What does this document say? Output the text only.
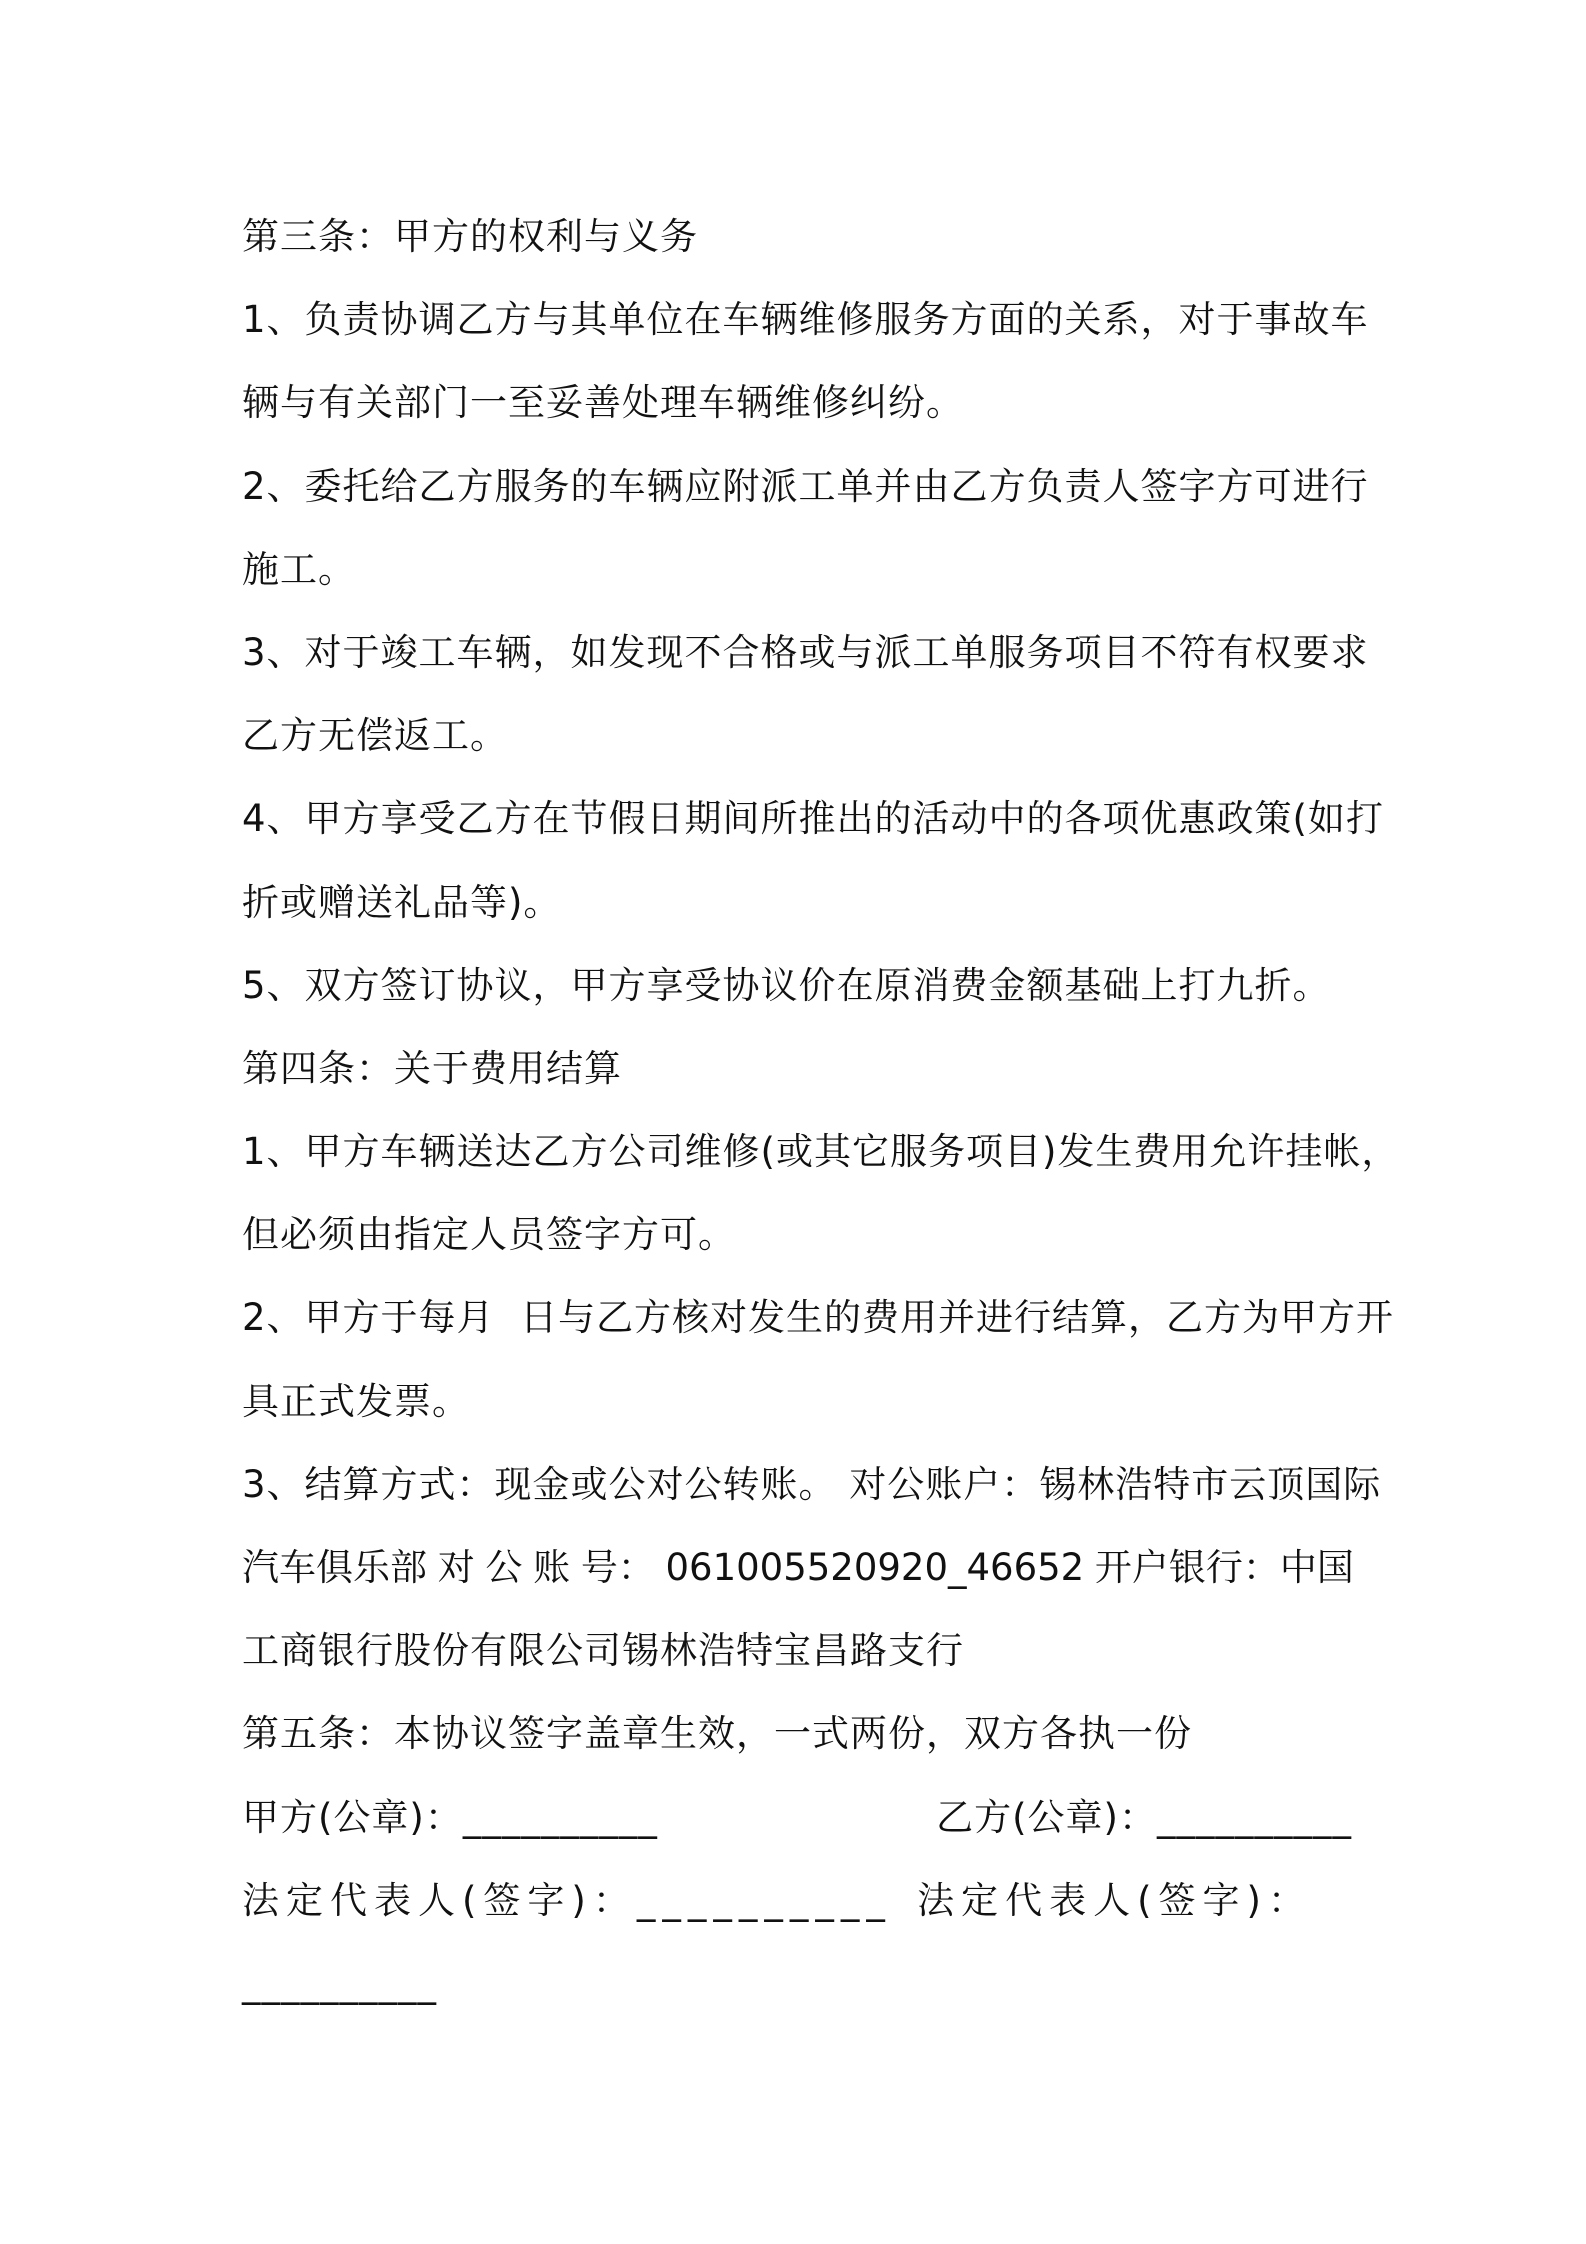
第三条：甲方的权利与义务
1、负责协调乙方与其单位在车辆维修服务方面的关系，对于事故车
辆与有关部门一至妥善处理车辆维修纠纷。
2、委托给乙方服务的车辆应附派工单并由乙方负责人签字方可进行
施工。
3、对于竣工车辆，如发现不合格或与派工单服务项目不符有权要求
乙方无偿返工。
4、甲方享受乙方在节假日期间所推出的活动中的各项优惠政策(如打
折或赠送礼品等)。
5、双方签订协议，甲方享受协议价在原消费金额基础上打九折。
第四条：关于费用结算
1、甲方车辆送达乙方公司维修(或其它服务项目)发生费用允许挂帐，
但必须由指定人员签字方可。
2、甲方于每月  日与乙方核对发生的费用并进行结算，乙方为甲方开
具正式发票。
3、结算方式：现金或公对公转账。 对公账户：锡林浩特市云顶国际
汽车俱乐部 对 公 账 号： 061005520920_46652 开户银行：中国
工商银行股份有限公司锡林浩特宝昌路支行
第五条：本协议签字盖章生效，一式两份，双方各执一份
甲方(公章)：__________	乙方(公章)：__________
法定代表人(签字)：__________ 法定代表人(签字)：
__________
